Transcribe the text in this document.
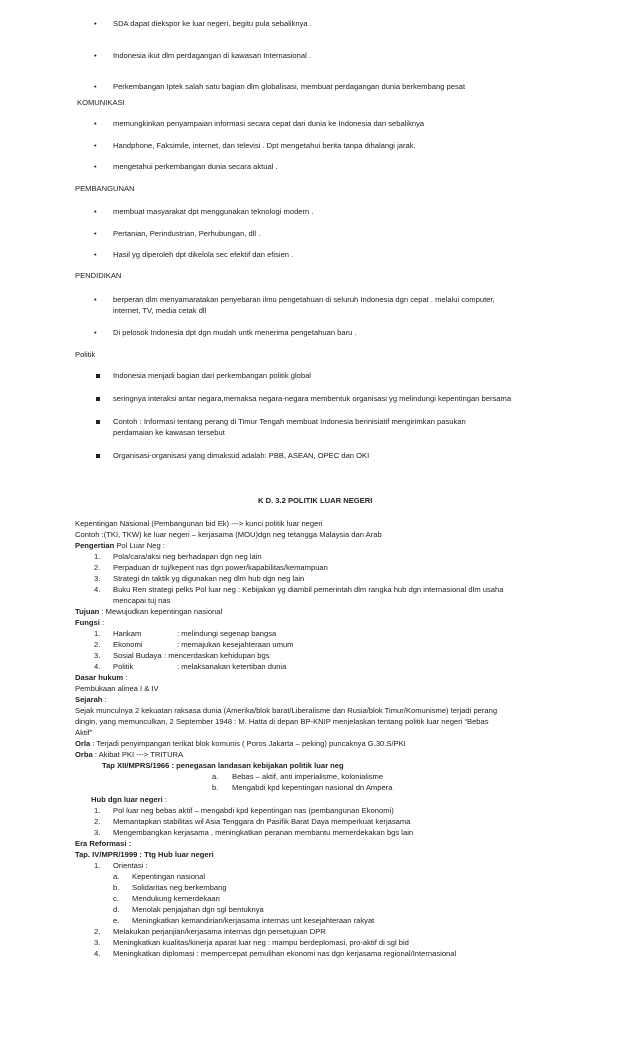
• SDA dapat diekspor ke luar negeri, begitu pula sebaliknya .
• Indonesia ikut dlm perdagangan di kawasan Internasional .
• Perkembangan Iptek salah satu bagian dlm globalisasi, membuat perdagangan dunia berkembang pesat
KOMUNIKASI
• memungkinkan penyampaian informasi secara cepat dari dunia ke Indonesia dan sebaliknya
• Handphone, Faksimile, internet, dan televisi . Dpt mengetahui berita tanpa dihalangi jarak.
• mengetahui perkembangan dunia secara aktual .
PEMBANGUNAN
• membuat masyarakat dpt menggunakan teknologi modern .
• Pertanian, Perindustrian, Perhubungan, dll .
• Hasil yg diperoleh dpt dikelola sec efektif dan efisien .
PENDIDIKAN
• berperan dlm menyamaratakan penyebaran ilmu pengetahuan di seluruh Indonesia dgn cepat . melalui computer,
internet, TV, media cetak dll
• Di pelosok Indonesia dpt dgn mudah untk menerima pengetahuan baru .
Politik
Indonesia menjadi bagian dari perkembangan politik global
seringnya interaksi antar negara,memaksa negara-negara membentuk organisasi yg melindungi kepentingan bersama
Contoh : Informasi tentang perang di Timur Tengah membuat Indonesia berinisiatif mengirimkan pasukan
perdamaian ke kawasan tersebut
Organisasi-organisasi yang dimaksud adalah: PBB, ASEAN, OPEC dan OKI
K D. 3.2 POLITIK LUAR NEGERI
Kepentingan Nasional (Pembangunan bid Ek) ---> kunci politik luar negeri
Contoh :(TKI, TKW) ke luar negeri – kerjasama (MOU)dgn neg tetangga Malaysia dan Arab
Pengertian Pol Luar Neg :
1. Pola/cara/aksi neg berhadapan dgn neg lain
2. Perpaduan dr tuj/kepent nas dgn power/kapabilitas/kemampuan
3. Strategi dn taktik yg digunakan neg dlm hub dgn neg lain
4. Buku Ren strategi pelks Pol luar neg : Kebijakan yg diambil pemerintah dlm rangka hub dgn internasional dlm usaha
mencapai tuj nas
Tujuan : Mewujudkan kepentingan nasional
Fungsi :
1. Hankam	: melindungi segenap bangsa
2. Ekonomi	: memajukan kesejahteraan umum
3. Sosial Budaya : mencerdaskan kehidupan bgs
4. Politik	: melaksanakan ketertiban dunia
Dasar hukum :
Pembukaan alinea I & IV
Sejarah :
Sejak munculnya 2 kekuatan raksasa dunia (Amerika/blok barat/Liberalisme dan Rusia/blok Timur/Komunisme) terjadi perang
dingin, yang memunculkan, 2 September 1948 : M. Hatta di depan BP-KNIP menjelaskan tentang politik luar negeri “Bebas
Aktif”
Orla : Terjadi penyimpangan terikat blok komunis ( Poros Jakarta – peking) puncaknya G.30.S/PKI
Orba : Akibat PKI ---> TRITURA
Tap XII/MPRS/1966 : penegasan landasan kebijakan politik luar neg
a. Bebas – aktif, anti imperialisme, kolonialisme
b. Mengabdi kpd kepentingan nasional dn Ampera
Hub dgn luar negeri :
1. Pol luar neg bebas aktif – mengabdi kpd kepentingan nas (pembangunan Ekonomi)
2. Memantapkan stabilitas wil Asia Tenggara dn Pasifik Barat Daya memperkuat kerjasama
3. Mengembangkan kerjasama , meningkatkan peranan membantu memerdekakan bgs lain
Era Reformasi :
Tap. IV/MPR/1999 : Ttg Hub luar negeri
1. Orientasi :
a. Kepentingan nasional
b. Solidaritas neg berkembang
c. Mendukung kemerdekaan
d. Menolak penjajahan dgn sgl bentuknya
e. Meningkatkan kemandirian/kerjasama internas unt kesejahteraan rakyat
2. Melakukan perjanjian/kerjasama internas dgn persetujuan DPR
3. Meningkatkan kualitas/kinerja aparat luar neg : mampu berdeplomasi, pro-aktif di sgl bid
4. Meningkatkan diplomasi : mempercepat pemulihan ekonomi nas dgn kerjasama regional/Internasional
